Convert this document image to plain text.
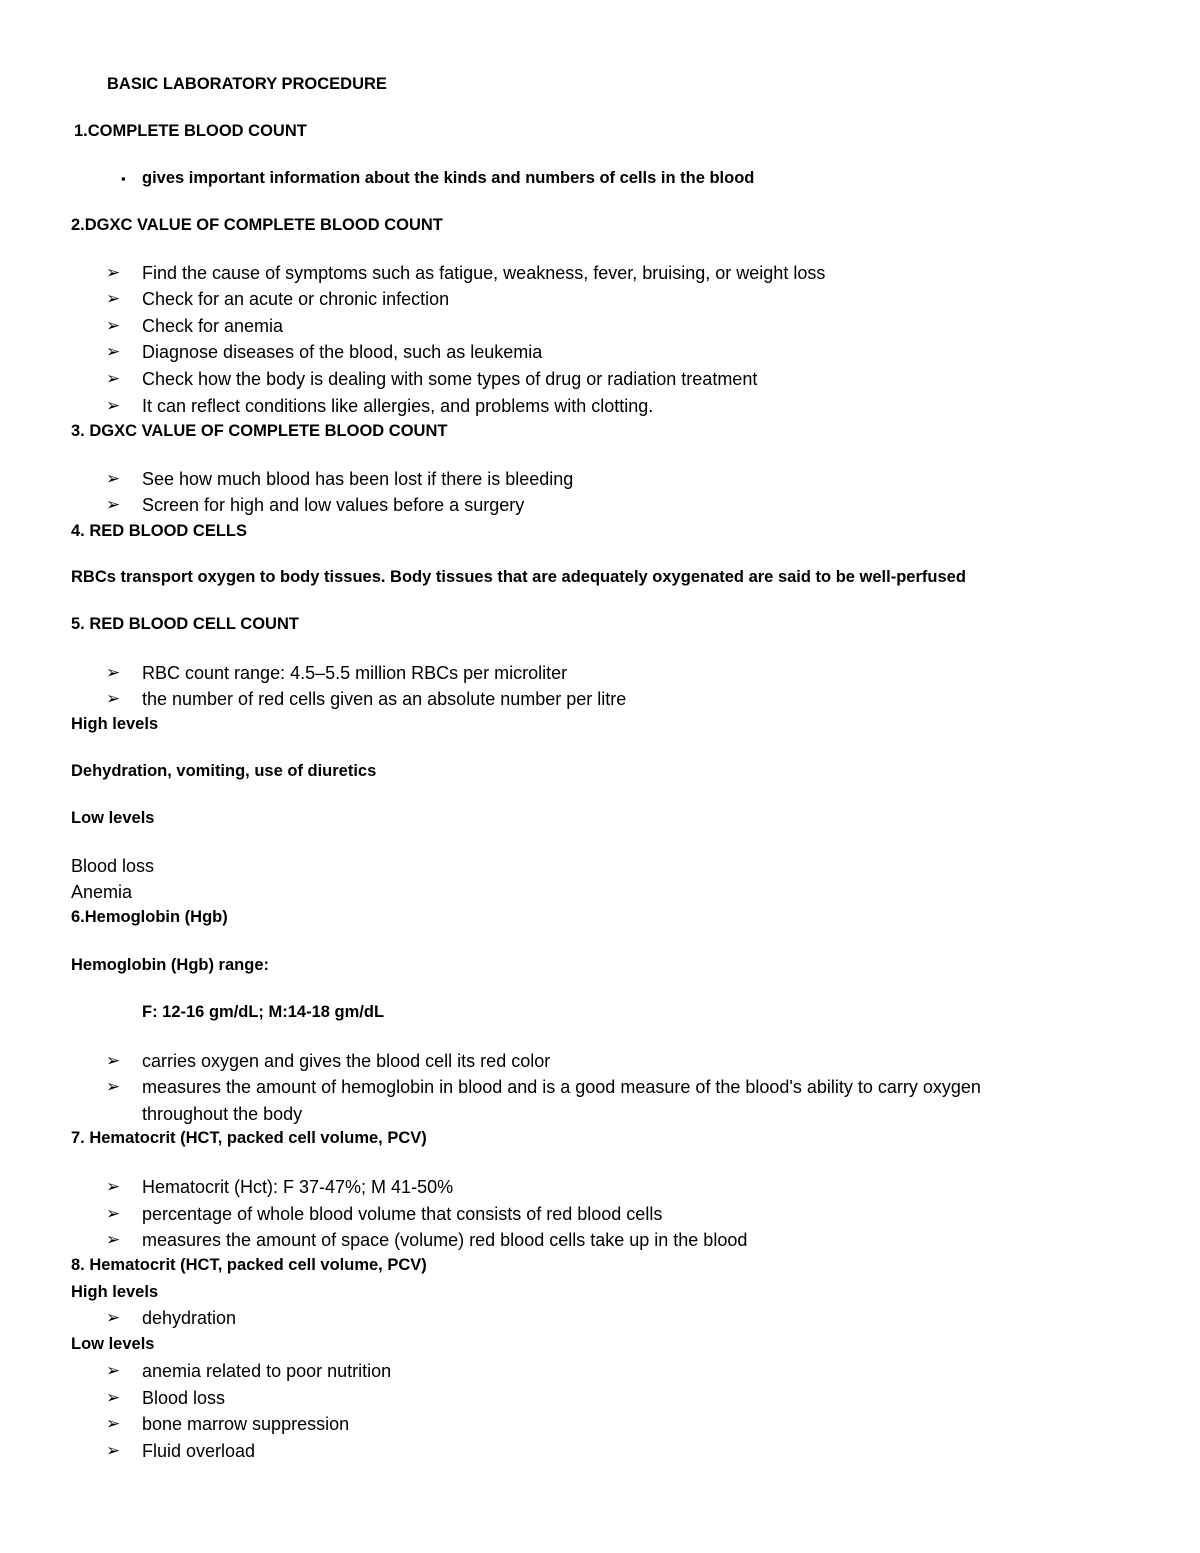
BASIC LABORATORY PROCEDURE
1.COMPLETE BLOOD COUNT
▪ gives important information about the kinds and numbers of cells in the blood
2.DGXC VALUE OF COMPLETE BLOOD COUNT
➢ Find the cause of symptoms such as fatigue, weakness, fever, bruising, or weight loss
➢ Check for an acute or chronic infection
➢ Check for anemia
➢ Diagnose diseases of the blood, such as leukemia
➢ Check how the body is dealing with some types of drug or radiation treatment
➢ It can reflect conditions like allergies, and problems with clotting.
3. DGXC VALUE OF COMPLETE BLOOD COUNT
➢ See how much blood has been lost if there is bleeding
➢ Screen for high and low values before a surgery
4. RED BLOOD CELLS
RBCs transport oxygen to body tissues. Body tissues that are adequately oxygenated are said to be well-perfused
5. RED BLOOD CELL COUNT
➢ RBC count range: 4.5–5.5 million RBCs per microliter
➢ the number of red cells given as an absolute number per litre
High levels
Dehydration, vomiting, use of diuretics
Low levels
Blood loss
Anemia
6.Hemoglobin (Hgb)
Hemoglobin (Hgb) range:
F: 12-16 gm/dL; M:14-18 gm/dL
➢ carries oxygen and gives the blood cell its red color
➢ measures the amount of hemoglobin in blood and is a good measure of the blood's ability to carry oxygen
throughout the body
7. Hematocrit (HCT, packed cell volume, PCV)
➢ Hematocrit (Hct): F 37-47%; M 41-50%
➢ percentage of whole blood volume that consists of red blood cells
➢ measures the amount of space (volume) red blood cells take up in the blood
8. Hematocrit (HCT, packed cell volume, PCV)
High levels
➢ dehydration
Low levels
➢ anemia related to poor nutrition
➢ Blood loss
➢ bone marrow suppression
➢ Fluid overload
